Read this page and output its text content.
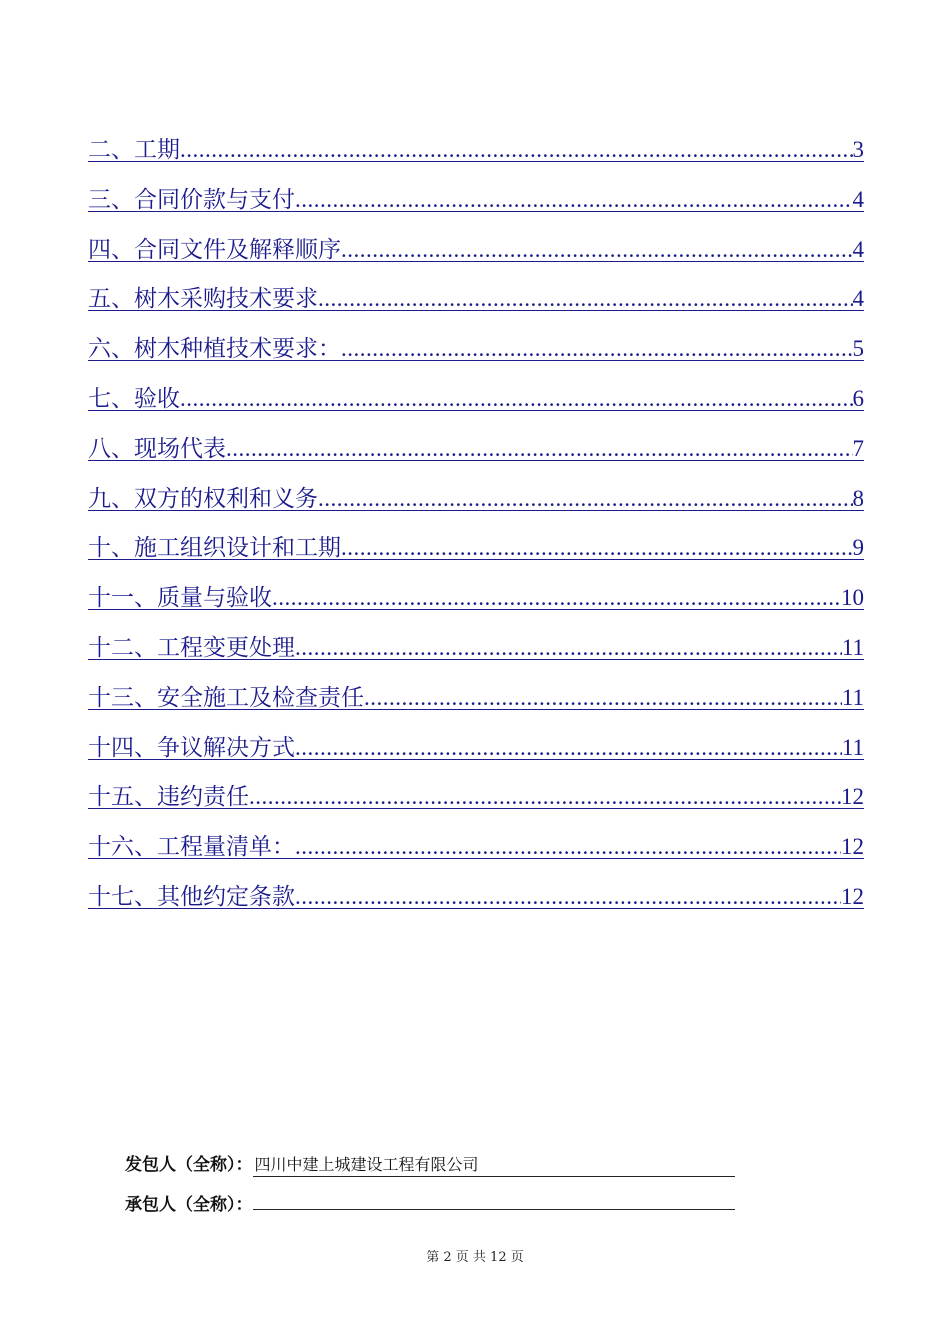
二、工期 .....	3
三、合同价款与支付 .....	4
四、合同文件及解释顺序 .....	4
五、树木采购技术要求 .....	4
六、树木种植技术要求： .....	5
七、验收 .....	6
八、现场代表 .....	7
九、双方的权利和义务 .....	8
十、施工组织设计和工期 .....	9
十一、质量与验收 .....	10
十二、工程变更处理 .....	11
十三、安全施工及检查责任 .....	11
十四、争议解决方式 .....	11
十五、违约责任 .....	12
十六、工程量清单： .....	12
十七、其他约定条款 .....	12
发包人（全称）： 四川中建上城建设工程有限公司
承包人（全称）：
第 2 页 共 12 页
